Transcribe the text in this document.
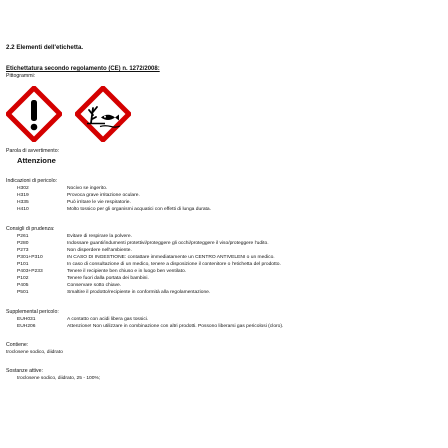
2.2 Elementi dell'etichetta.
Etichettatura secondo regolamento (CE) n. 1272/2008:
Pittogrammi:
Parola di avvertimento:
Attenzione
Indicazioni di pericolo:
H302	Nocivo se ingerito.
H319	Provoca grave irritazione oculare.
H335	Può irritare le vie respiratorie.
H410	Molto tossico per gli organismi acquatici con effetti di lunga durata.
Consigli di prudenza:
P261	Evitare di respirare la polvere.
P280	Indossare guanti/indumenti protettivi/proteggere gli occhi/proteggere il viso/proteggere l'udito.
P273	Non disperdere nell'ambiente.
P301+P310	IN CASO DI INGESTIONE: contattare immediatamente un CENTRO ANTIVELENI o un medico.
P101	In caso di consultazione di un medico, tenere a disposizione il contenitore o l'etichetta del prodotto.
P403+P233	Tenere il recipiente ben chiuso e in luogo ben ventilato.
P102	Tenere fuori dalla portata dei bambini.
P405	Conservare sotto chiave.
P501	Smaltire il prodotto/recipiente in conformità alla regolamentazione.
Supplemental pericolo:
EUH031	A contatto con acidi libera gas tossici.
EUH206	Attenzione! Non utilizzare in combinazione con altri prodotti. Possono liberarsi gas pericolosi (cloro).
Contiene:
troclosene sodico, diidrato
Sostanze attive:
troclosene sodico, diidrato, 25 - 100%;
